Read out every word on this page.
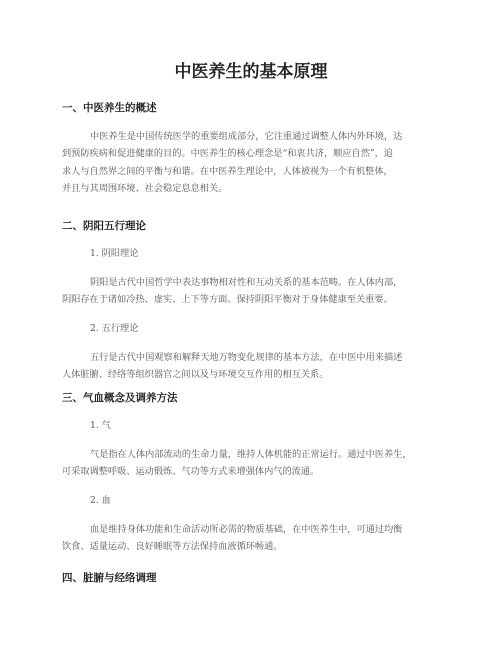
中医养生的基本原理
一、中医养生的概述

中医养生是中国传统医学的重要组成部分，它注重通过调整人体内外环境，达
到预防疾病和促进健康的目的。中医养生的核心理念是“和衷共济，顺应自然”，追
求人与自然界之间的平衡与和谐。在中医养生理论中，人体被视为一个有机整体，
并且与其周围环境、社会稳定息息相关。

二、阴阳五行理论

1. 阴阳理论

阴阳是古代中国哲学中表达事物相对性和互动关系的基本范畴。在人体内部，
阴阳存在于诸如冷热、虚实、上下等方面。保持阴阳平衡对于身体健康至关重要。

2. 五行理论

五行是古代中国观察和解释天地万物变化规律的基本方法，在中医中用来描述
人体脏腑、经络等组织器官之间以及与环境交互作用的相互关系。

三、气血概念及调养方法

1. 气

气是指在人体内部流动的生命力量，维持人体机能的正常运行。通过中医养生，
可采取调整呼吸、运动锻炼、气功等方式来增强体内气的流通。

2. 血

血是维持身体功能和生命活动所必需的物质基础，在中医养生中，可通过均衡
饮食、适量运动、良好睡眠等方法保持血液循环畅通。

四、脏腑与经络调理
